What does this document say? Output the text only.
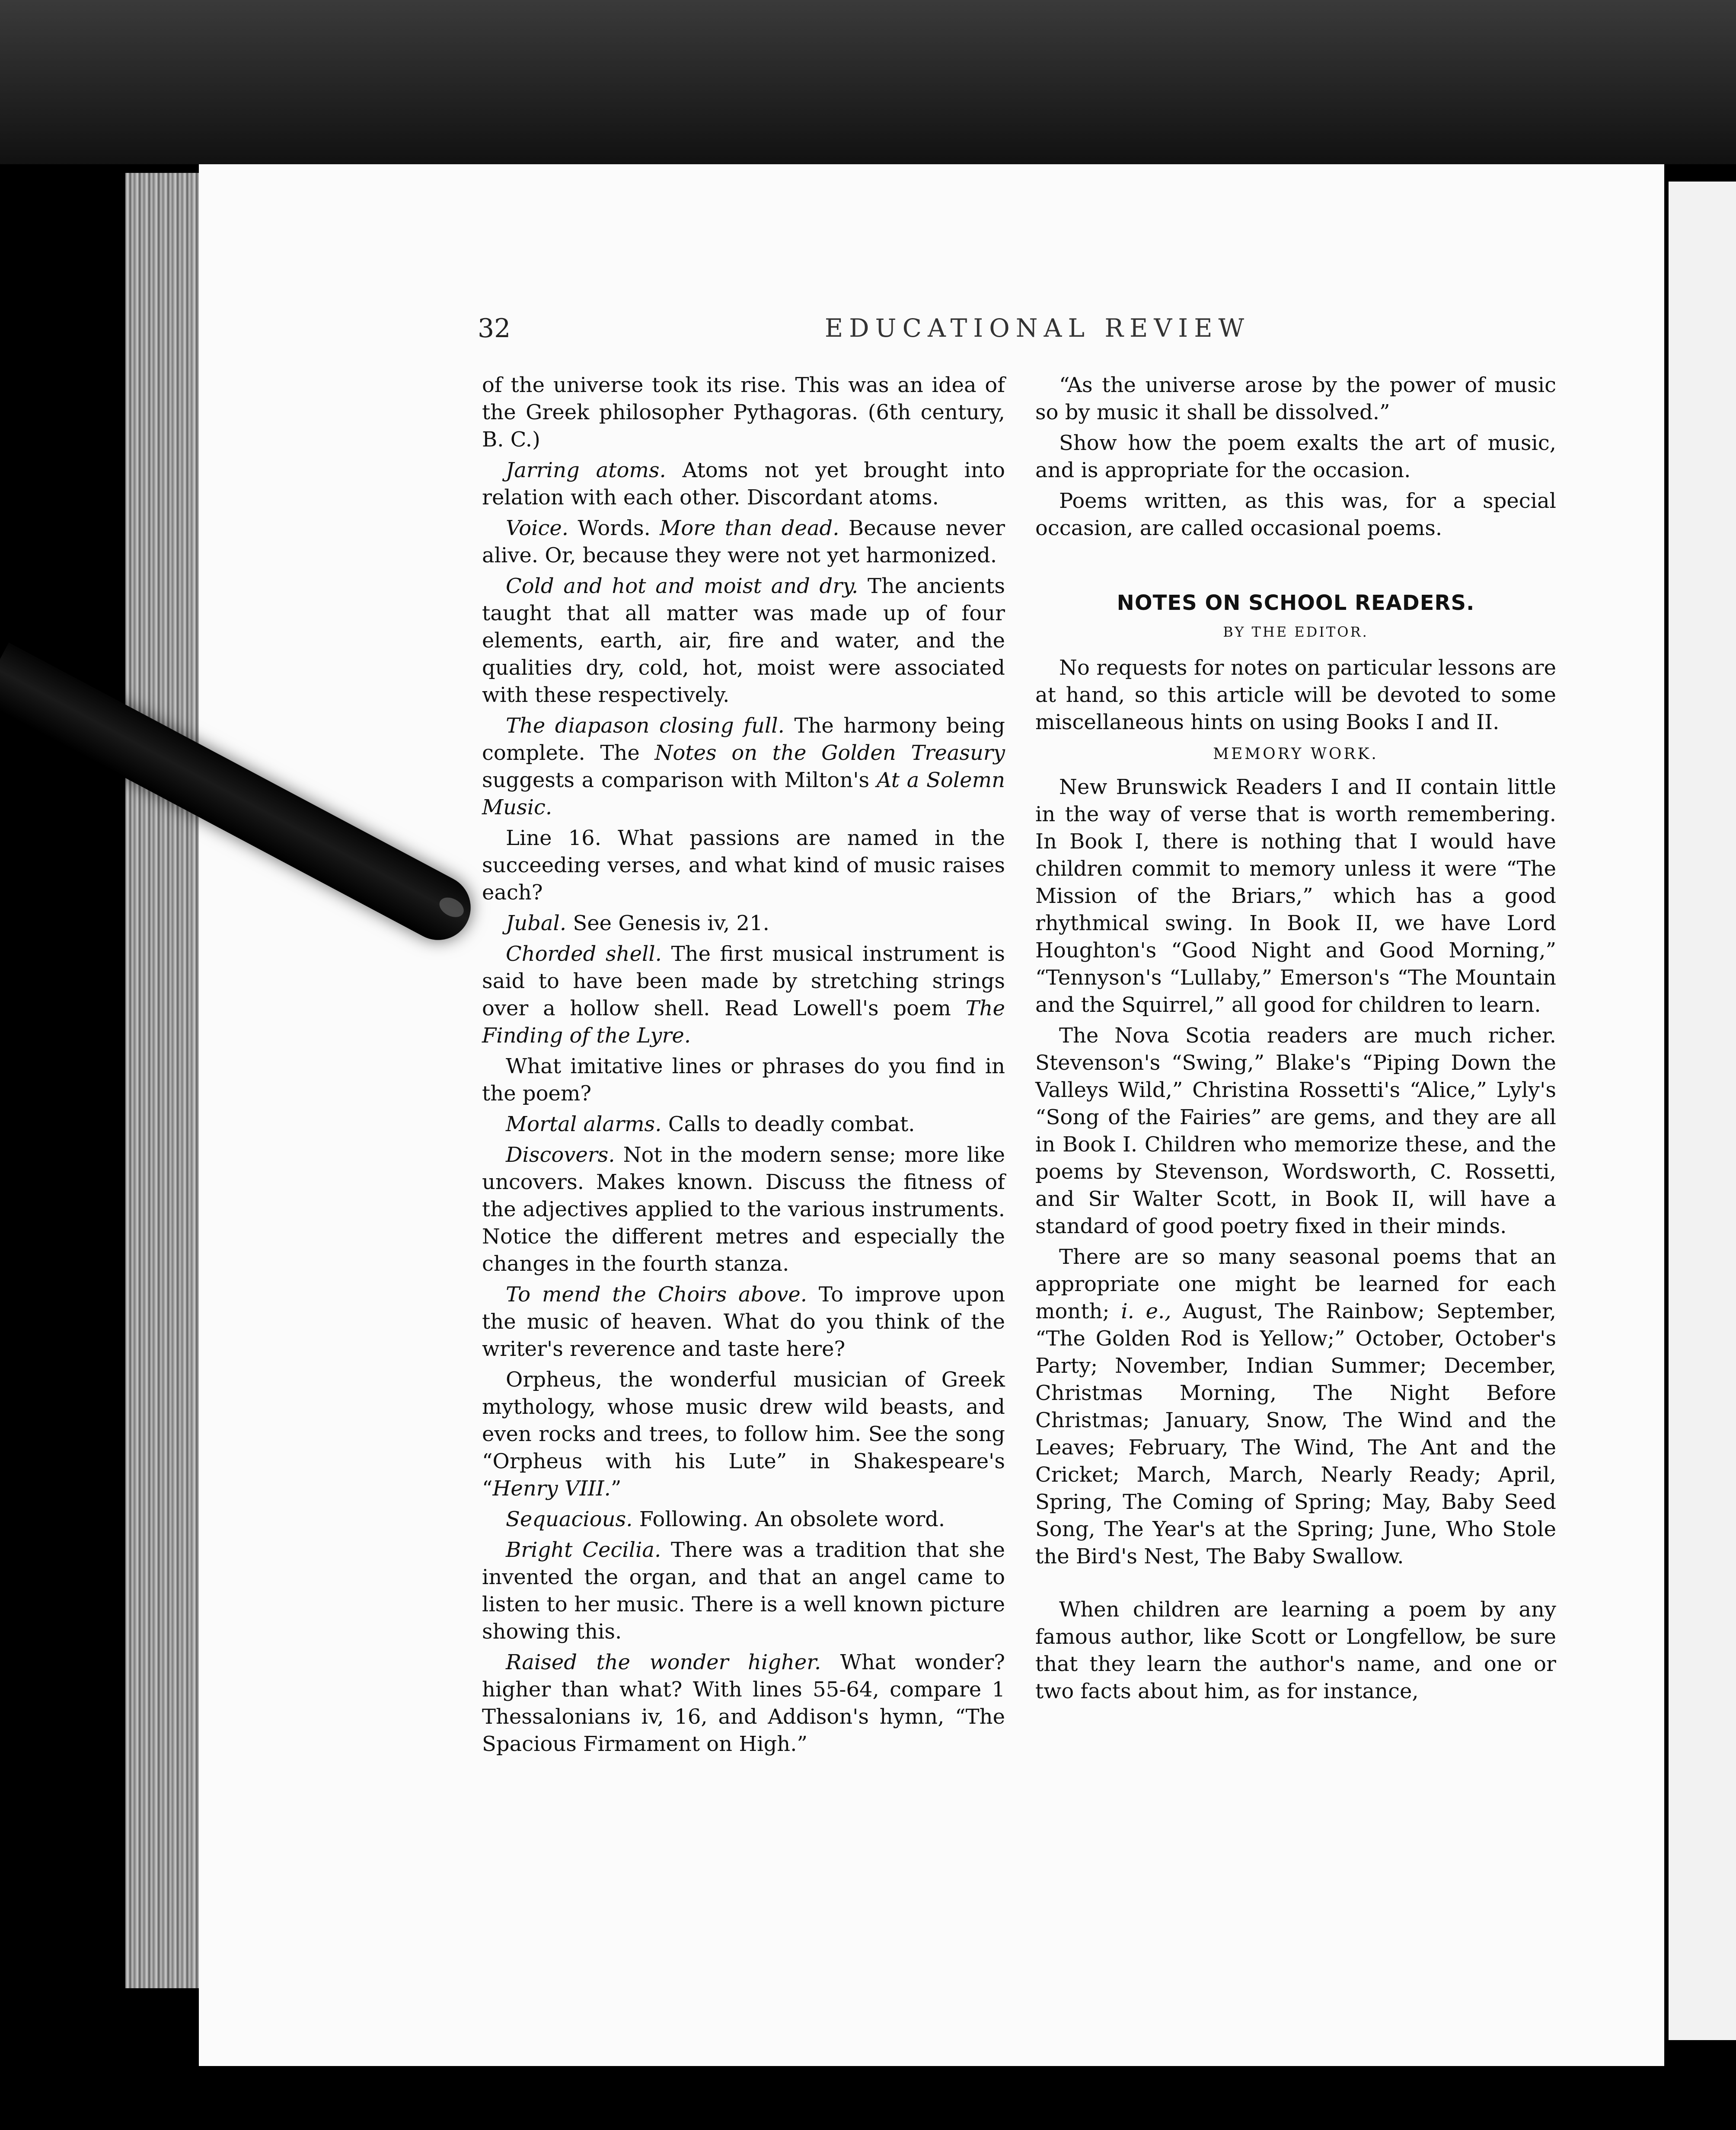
32	EDUCATIONAL REVIEW

of the universe took its rise. This was an idea of the Greek philosopher Pythagoras. (6th century, B. C.)

Jarring atoms. Atoms not yet brought into relation with each other. Discordant atoms.

Voice. Words. More than dead. Because never alive. Or, because they were not yet harmonized.

Cold and hot and moist and dry. The ancients taught that all matter was made up of four elements, earth, air, fire and water, and the qualities dry, cold, hot, moist were associated with these respectively.

The diapason closing full. The harmony being complete. The Notes on the Golden Treasury suggests a comparison with Milton's At a Solemn Music.

Line 16. What passions are named in the succeeding verses, and what kind of music raises each?

Jubal. See Genesis iv, 21.

Chorded shell. The first musical instrument is said to have been made by stretching strings over a hollow shell. Read Lowell's poem The Finding of the Lyre.

What imitative lines or phrases do you find in the poem?

Mortal alarms. Calls to deadly combat.

Discovers. Not in the modern sense; more like uncovers. Makes known. Discuss the fitness of the adjectives applied to the various instruments. Notice the different metres and especially the changes in the fourth stanza.

To mend the Choirs above. To improve upon the music of heaven. What do you think of the writer's reverence and taste here?

Orpheus, the wonderful musician of Greek mythology, whose music drew wild beasts, and even rocks and trees, to follow him. See the song “Orpheus with his Lute” in Shakespeare's “Henry VIII.”

Sequacious. Following. An obsolete word.

Bright Cecilia. There was a tradition that she invented the organ, and that an angel came to listen to her music. There is a well known picture showing this.

Raised the wonder higher. What wonder? higher than what? With lines 55-64, compare 1 Thessalonians iv, 16, and Addison's hymn, “The Spacious Firmament on High.”

“As the universe arose by the power of music so by music it shall be dissolved.”

Show how the poem exalts the art of music, and is appropriate for the occasion.

Poems written, as this was, for a special occasion, are called occasional poems.

NOTES ON SCHOOL READERS.
BY THE EDITOR.

No requests for notes on particular lessons are at hand, so this article will be devoted to some miscellaneous hints on using Books I and II.

MEMORY WORK.

New Brunswick Readers I and II contain little in the way of verse that is worth remembering. In Book I, there is nothing that I would have children commit to memory unless it were “The Mission of the Briars,” which has a good rhythmical swing. In Book II, we have Lord Houghton's “Good Night and Good Morning,” “Tennyson's “Lullaby,” Emerson's “The Mountain and the Squirrel,” all good for children to learn.

The Nova Scotia readers are much richer. Stevenson's “Swing,” Blake's “Piping Down the Valleys Wild,” Christina Rossetti's “Alice,” Lyly's “Song of the Fairies” are gems, and they are all in Book I. Children who memorize these, and the poems by Stevenson, Wordsworth, C. Rossetti, and Sir Walter Scott, in Book II, will have a standard of good poetry fixed in their minds.

There are so many seasonal poems that an appropriate one might be learned for each month; i. e., August, The Rainbow; September, “The Golden Rod is Yellow;” October, October's Party; November, Indian Summer; December, Christmas Morning, The Night Before Christmas; January, Snow, The Wind and the Leaves; February, The Wind, The Ant and the Cricket; March, March, Nearly Ready; April, Spring, The Coming of Spring; May, Baby Seed Song, The Year's at the Spring; June, Who Stole the Bird's Nest, The Baby Swallow.

When children are learning a poem by any famous author, like Scott or Longfellow, be sure that they learn the author's name, and one or two facts about him, as for instance,
